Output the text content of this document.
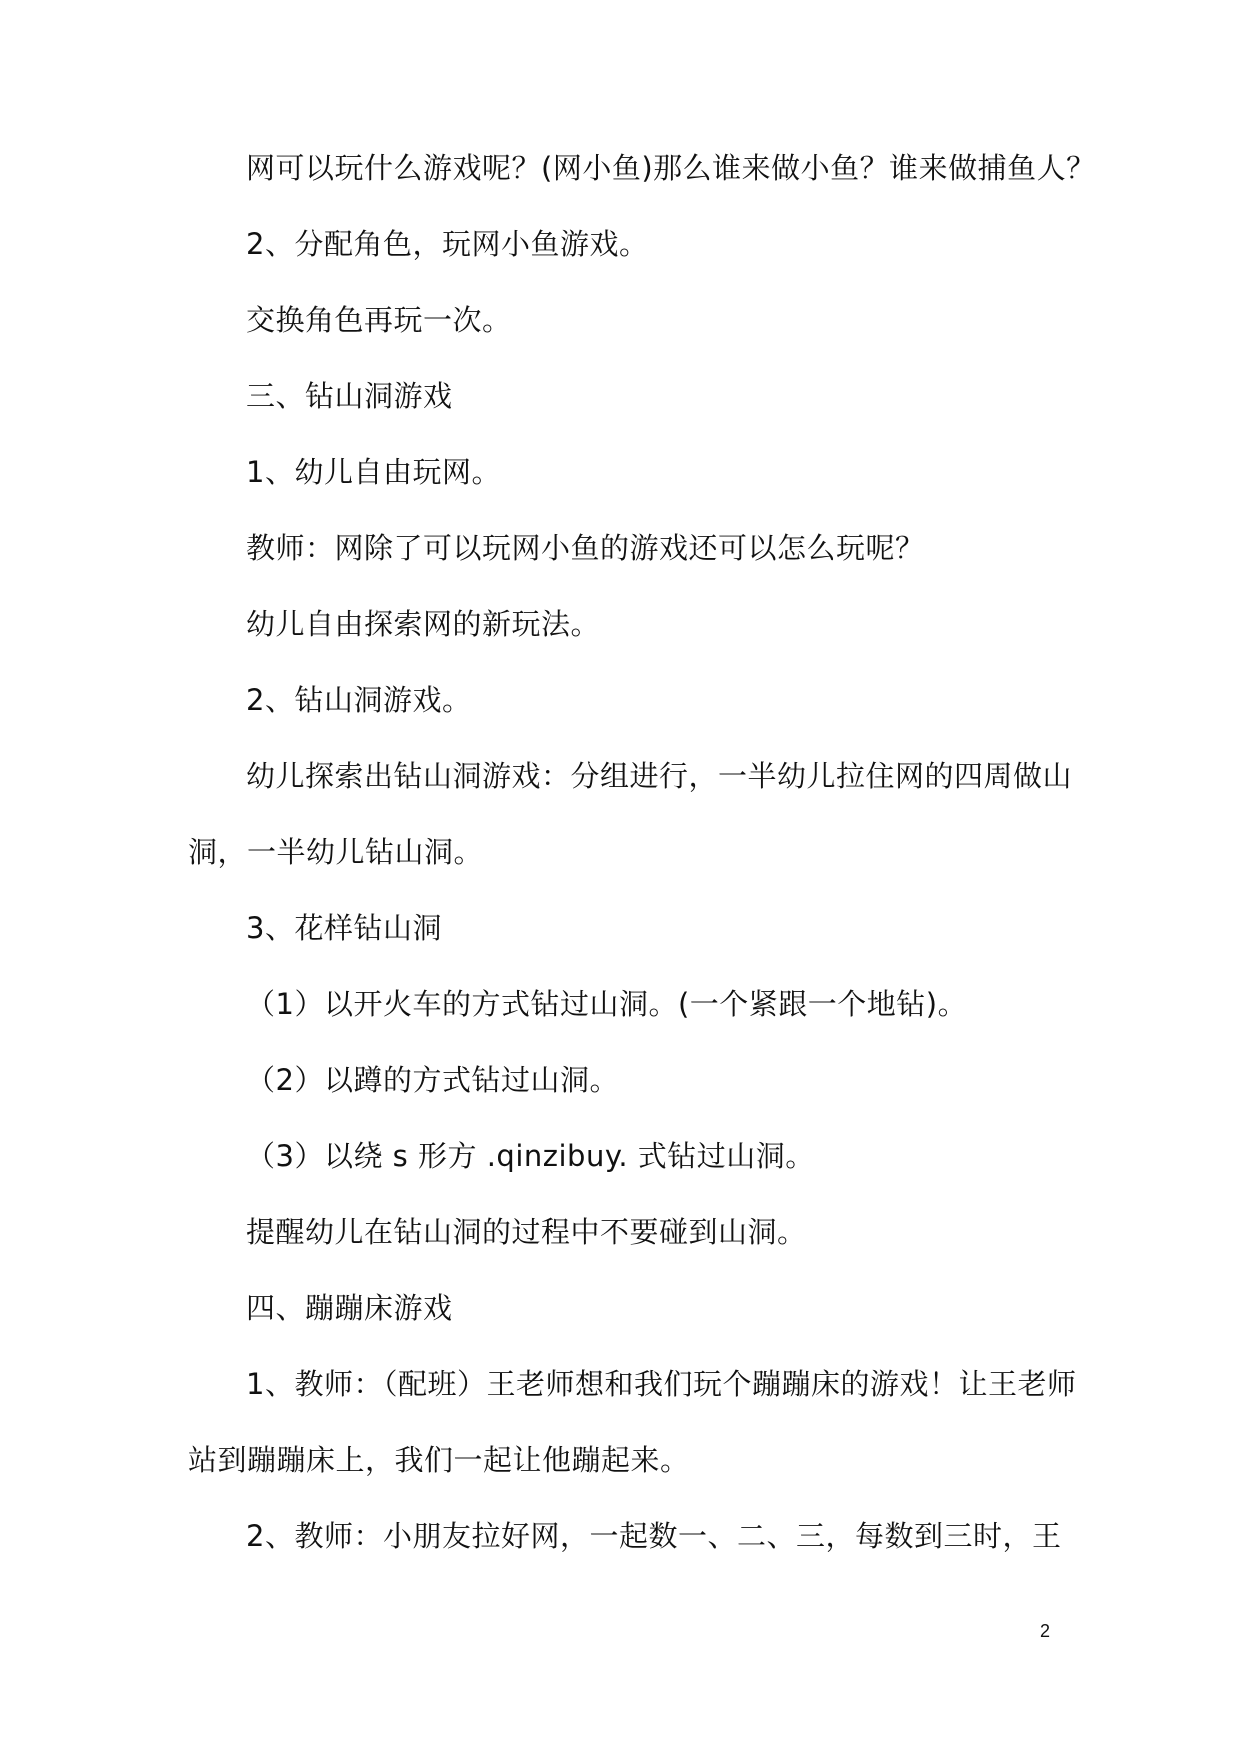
网可以玩什么游戏呢？(网小鱼)那么谁来做小鱼？谁来做捕鱼人？
2、分配角色，玩网小鱼游戏。
交换角色再玩一次。
三、钻山洞游戏
1、幼儿自由玩网。
教师：网除了可以玩网小鱼的游戏还可以怎么玩呢？
幼儿自由探索网的新玩法。
2、钻山洞游戏。
幼儿探索出钻山洞游戏：分组进行，一半幼儿拉住网的四周做山
洞，一半幼儿钻山洞。
3、花样钻山洞
（1）以开火车的方式钻过山洞。(一个紧跟一个地钻)。
（2）以蹲的方式钻过山洞。
（3）以绕 s 形方 .qinzibuy. 式钻过山洞。
提醒幼儿在钻山洞的过程中不要碰到山洞。
四、蹦蹦床游戏
1、教师：（配班）王老师想和我们玩个蹦蹦床的游戏！让王老师
站到蹦蹦床上，我们一起让他蹦起来。
2、教师：小朋友拉好网，一起数一、二、三，每数到三时，王
2
